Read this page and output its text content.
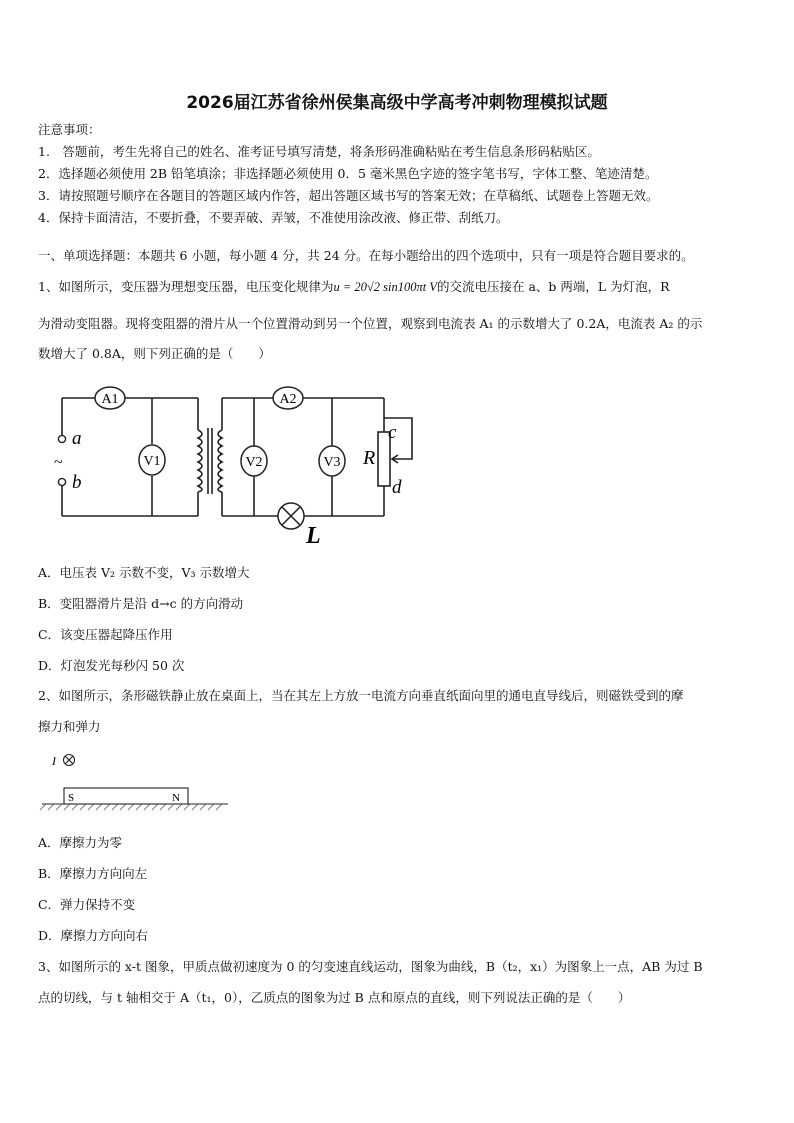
2026届江苏省徐州侯集高级中学高考冲刺物理模拟试题
注意事项：
1.　答题前，考生先将自己的姓名、准考证号填写清楚，将条形码准确粘贴在考生信息条形码粘贴区。
2．选择题必须使用 2B 铅笔填涂；非选择题必须使用 0．5 毫米黑色字迹的签字笔书写，字体工整、笔迹清楚。
3．请按照题号顺序在各题目的答题区域内作答，超出答题区域书写的答案无效；在草稿纸、试题卷上答题无效。
4．保持卡面清洁，不要折叠，不要弄破、弄皱，不准使用涂改液、修正带、刮纸刀。
一、单项选择题：本题共 6 小题，每小题 4 分，共 24 分。在每小题给出的四个选项中，只有一项是符合题目要求的。
1、如图所示，变压器为理想变压器，电压变化规律为u = 20√2 sin100πt V的交流电压接在 a、b 两端，L 为灯泡，R
为滑动变阻器。现将变阻器的滑片从一个位置滑动到另一个位置，观察到电流表 A₁ 的示数增大了 0.2A，电流表 A₂ 的示
数增大了 0.8A，则下列正确的是（　　）
a
~
b
A1	A2
V1	V2	V3 R
c
d
L
A．电压表 V₂ 示数不变，V₃ 示数增大
B．变阻器滑片是沿 d→c 的方向滑动
C．该变压器起降压作用
D．灯泡发光每秒闪 50 次
2、如图所示，条形磁铁静止放在桌面上，当在其左上方放一电流方向垂直纸面向里的通电直导线后，则磁铁受到的摩
擦力和弹力
I
S	N
A．摩擦力为零
B．摩擦力方向向左
C．弹力保持不变
D．摩擦力方向向右
3、如图所示的 x-t 图象，甲质点做初速度为 0 的匀变速直线运动，图象为曲线，B（t₂，x₁）为图象上一点，AB 为过 B
点的切线，与 t 轴相交于 A（t₁，0），乙质点的图象为过 B 点和原点的直线，则下列说法正确的是（　　）
